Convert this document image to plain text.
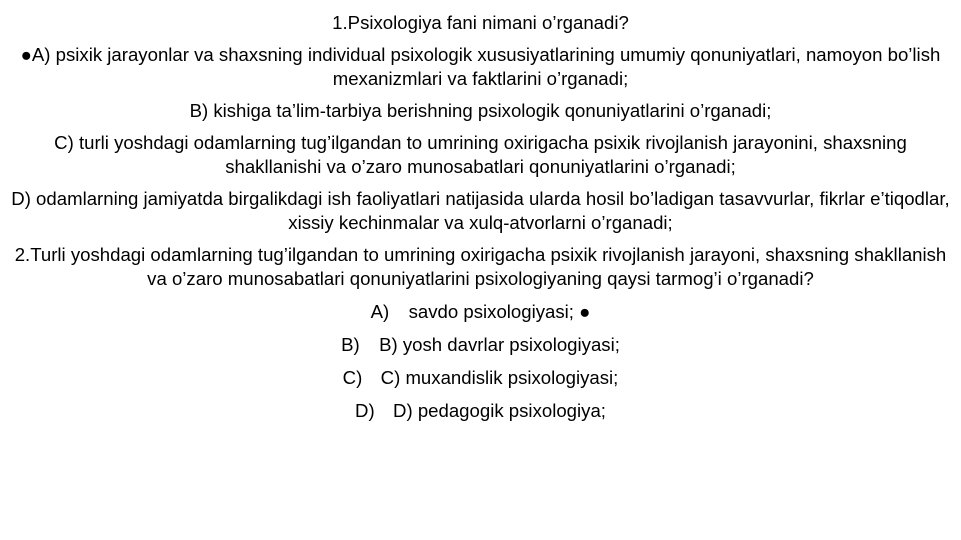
1.Psixologiya fani nimani o’rganadi?

●A) psixik jarayonlar va shaxsning individual psixologik xususiyatlarining umumiy qonuniyatlari, namoyon bo’lish mexanizmlari va faktlarini o’rganadi;

B) kishiga ta’lim-tarbiya berishning psixologik qonuniyatlarini o’rganadi;

C) turli yoshdagi odamlarning tug’ilgandan to umrining oxirigacha psixik rivojlanish jarayonini, shaxsning shakllanishi va o’zaro munosabatlari qonuniyatlarini o’rganadi;

D) odamlarning jamiyatda birgalikdagi ish faoliyatlari natijasida ularda hosil bo’ladigan tasavvurlar, fikrlar e’tiqodlar, xissiy kechinmalar va xulq-atvorlarni o’rganadi;

2.Turli yoshdagi odamlarning tug’ilgandan to umrining oxirigacha psixik rivojlanish jarayoni, shaxsning shakllanish va o’zaro munosabatlari qonuniyatlarini psixologiyaning qaysi tarmog’i o’rganadi?

A)	savdo psixologiyasi; ●
B)	B) yosh davrlar psixologiyasi;
C) C) muxandislik psixologiyasi;
D) D) pedagogik psixologiya;
